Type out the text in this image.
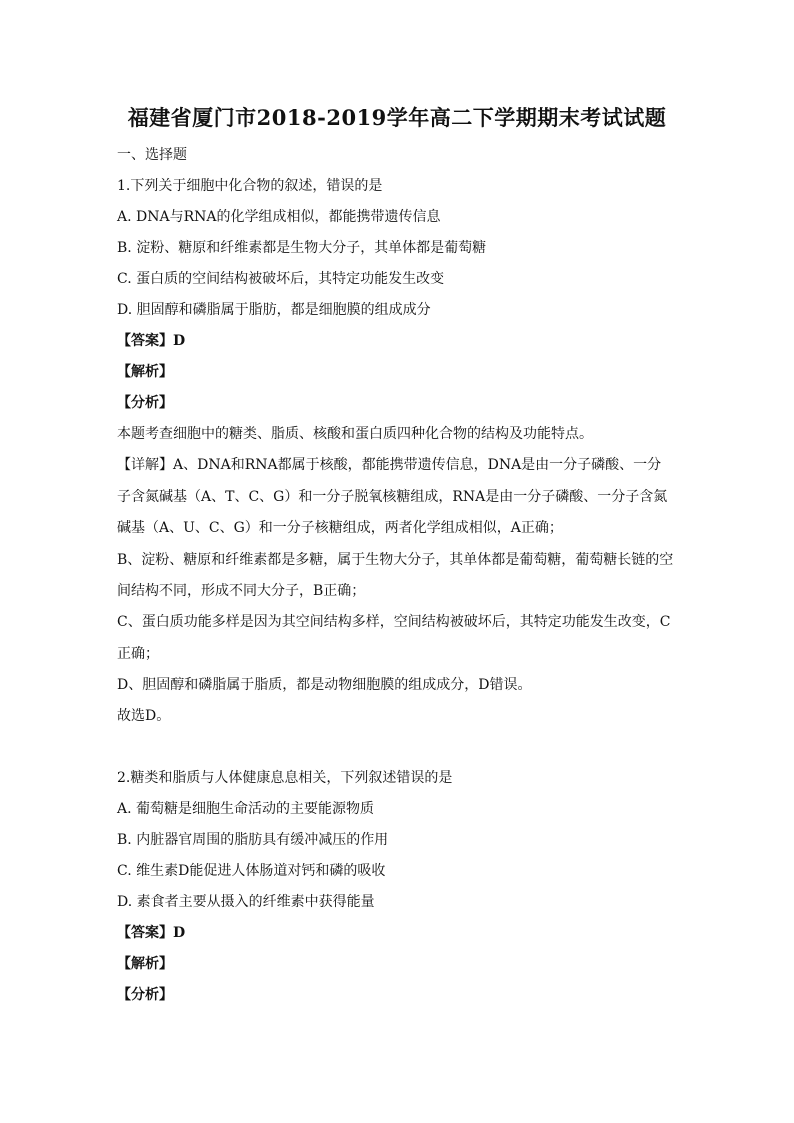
福建省厦门市2018-2019学年高二下学期期末考试试题
一、选择题
1.下列关于细胞中化合物的叙述，错误的是
A. DNA与RNA的化学组成相似，都能携带遗传信息
B. 淀粉、糖原和纤维素都是生物大分子，其单体都是葡萄糖
C. 蛋白质的空间结构被破坏后，其特定功能发生改变
D. 胆固醇和磷脂属于脂肪，都是细胞膜的组成成分
【答案】D
【解析】
【分析】
本题考查细胞中的糖类、脂质、核酸和蛋白质四种化合物的结构及功能特点。
【详解】A、DNA和RNA都属于核酸，都能携带遗传信息，DNA是由一分子磷酸、一分
子含氮碱基（A、T、C、G）和一分子脱氧核糖组成，RNA是由一分子磷酸、一分子含氮
碱基（A、U、C、G）和一分子核糖组成，两者化学组成相似，A正确；
B、淀粉、糖原和纤维素都是多糖，属于生物大分子，其单体都是葡萄糖，葡萄糖长链的空
间结构不同，形成不同大分子，B正确；
C、蛋白质功能多样是因为其空间结构多样，空间结构被破坏后，其特定功能发生改变，C
正确；
D、胆固醇和磷脂属于脂质，都是动物细胞膜的组成成分，D错误。
故选D。
2.糖类和脂质与人体健康息息相关，下列叙述错误的是
A. 葡萄糖是细胞生命活动的主要能源物质
B. 内脏器官周围的脂肪具有缓冲减压的作用
C. 维生素D能促进人体肠道对钙和磷的吸收
D. 素食者主要从摄入的纤维素中获得能量
【答案】D
【解析】
【分析】
